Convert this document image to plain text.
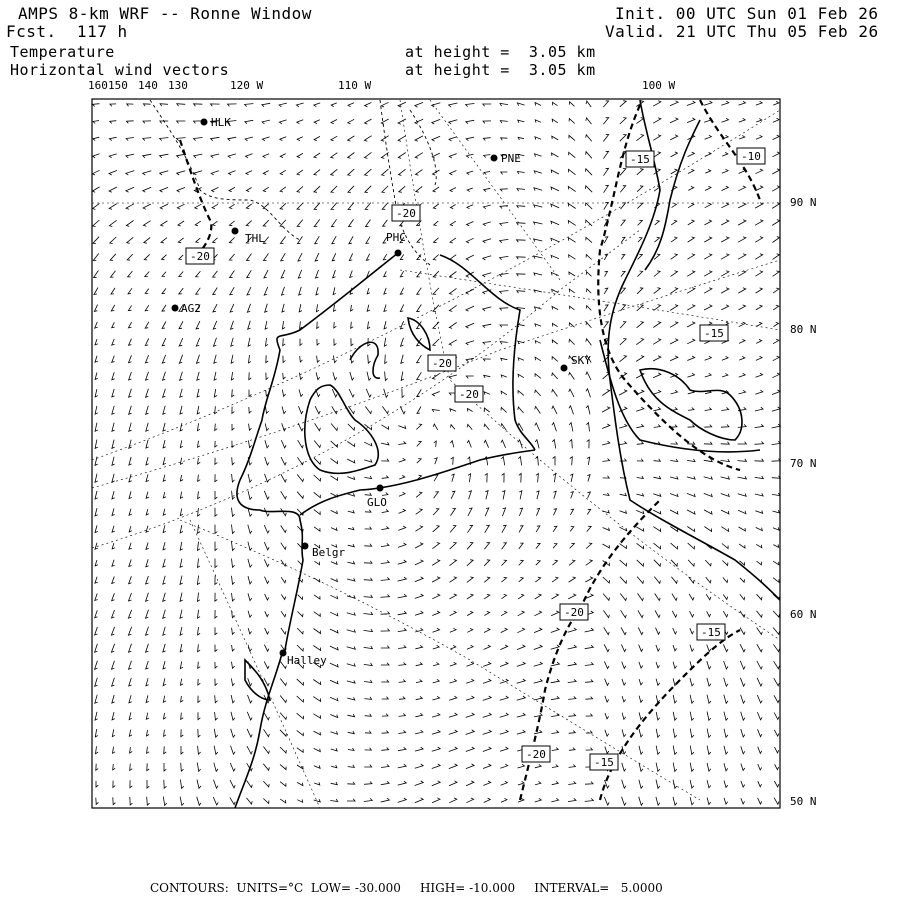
AMPS 8-km WRF -- Ronne Window
Fcst.  117 h
Init. 00 UTC Sun 01 Feb 26
Valid. 21 UTC Thu 05 Feb 26
Temperature	at height =  3.05 km
Horizontal wind vectors	at height =  3.05 km
160 150 140 130	120 W	110 W	100 W
90 N
80 N
70 N
60 N
50 N
HLK
PNE
THL	PHC
AG2
SKY
GLO
Belgr
Halley
-15	-10
-20
-20
-15
-20
-20
-20
-15
-20
-15
CONTOURS:  UNITS=°C  LOW= -30.000     HIGH= -10.000     INTERVAL=   5.0000
